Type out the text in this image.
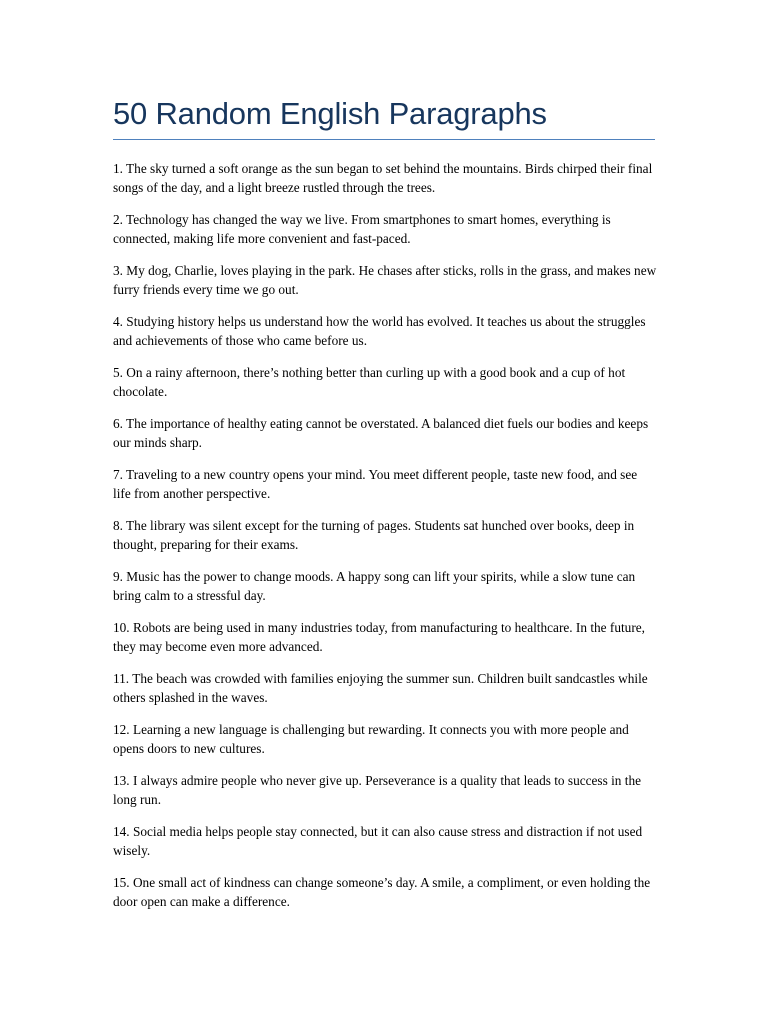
50 Random English Paragraphs

1. The sky turned a soft orange as the sun began to set behind the mountains. Birds chirped their final songs of the day, and a light breeze rustled through the trees.

2. Technology has changed the way we live. From smartphones to smart homes, everything is connected, making life more convenient and fast-paced.

3. My dog, Charlie, loves playing in the park. He chases after sticks, rolls in the grass, and makes new furry friends every time we go out.

4. Studying history helps us understand how the world has evolved. It teaches us about the struggles and achievements of those who came before us.

5. On a rainy afternoon, there’s nothing better than curling up with a good book and a cup of hot chocolate.

6. The importance of healthy eating cannot be overstated. A balanced diet fuels our bodies and keeps our minds sharp.

7. Traveling to a new country opens your mind. You meet different people, taste new food, and see life from another perspective.

8. The library was silent except for the turning of pages. Students sat hunched over books, deep in thought, preparing for their exams.

9. Music has the power to change moods. A happy song can lift your spirits, while a slow tune can bring calm to a stressful day.

10. Robots are being used in many industries today, from manufacturing to healthcare. In the future, they may become even more advanced.

11. The beach was crowded with families enjoying the summer sun. Children built sandcastles while others splashed in the waves.

12. Learning a new language is challenging but rewarding. It connects you with more people and opens doors to new cultures.

13. I always admire people who never give up. Perseverance is a quality that leads to success in the long run.

14. Social media helps people stay connected, but it can also cause stress and distraction if not used wisely.

15. One small act of kindness can change someone’s day. A smile, a compliment, or even holding the door open can make a difference.
